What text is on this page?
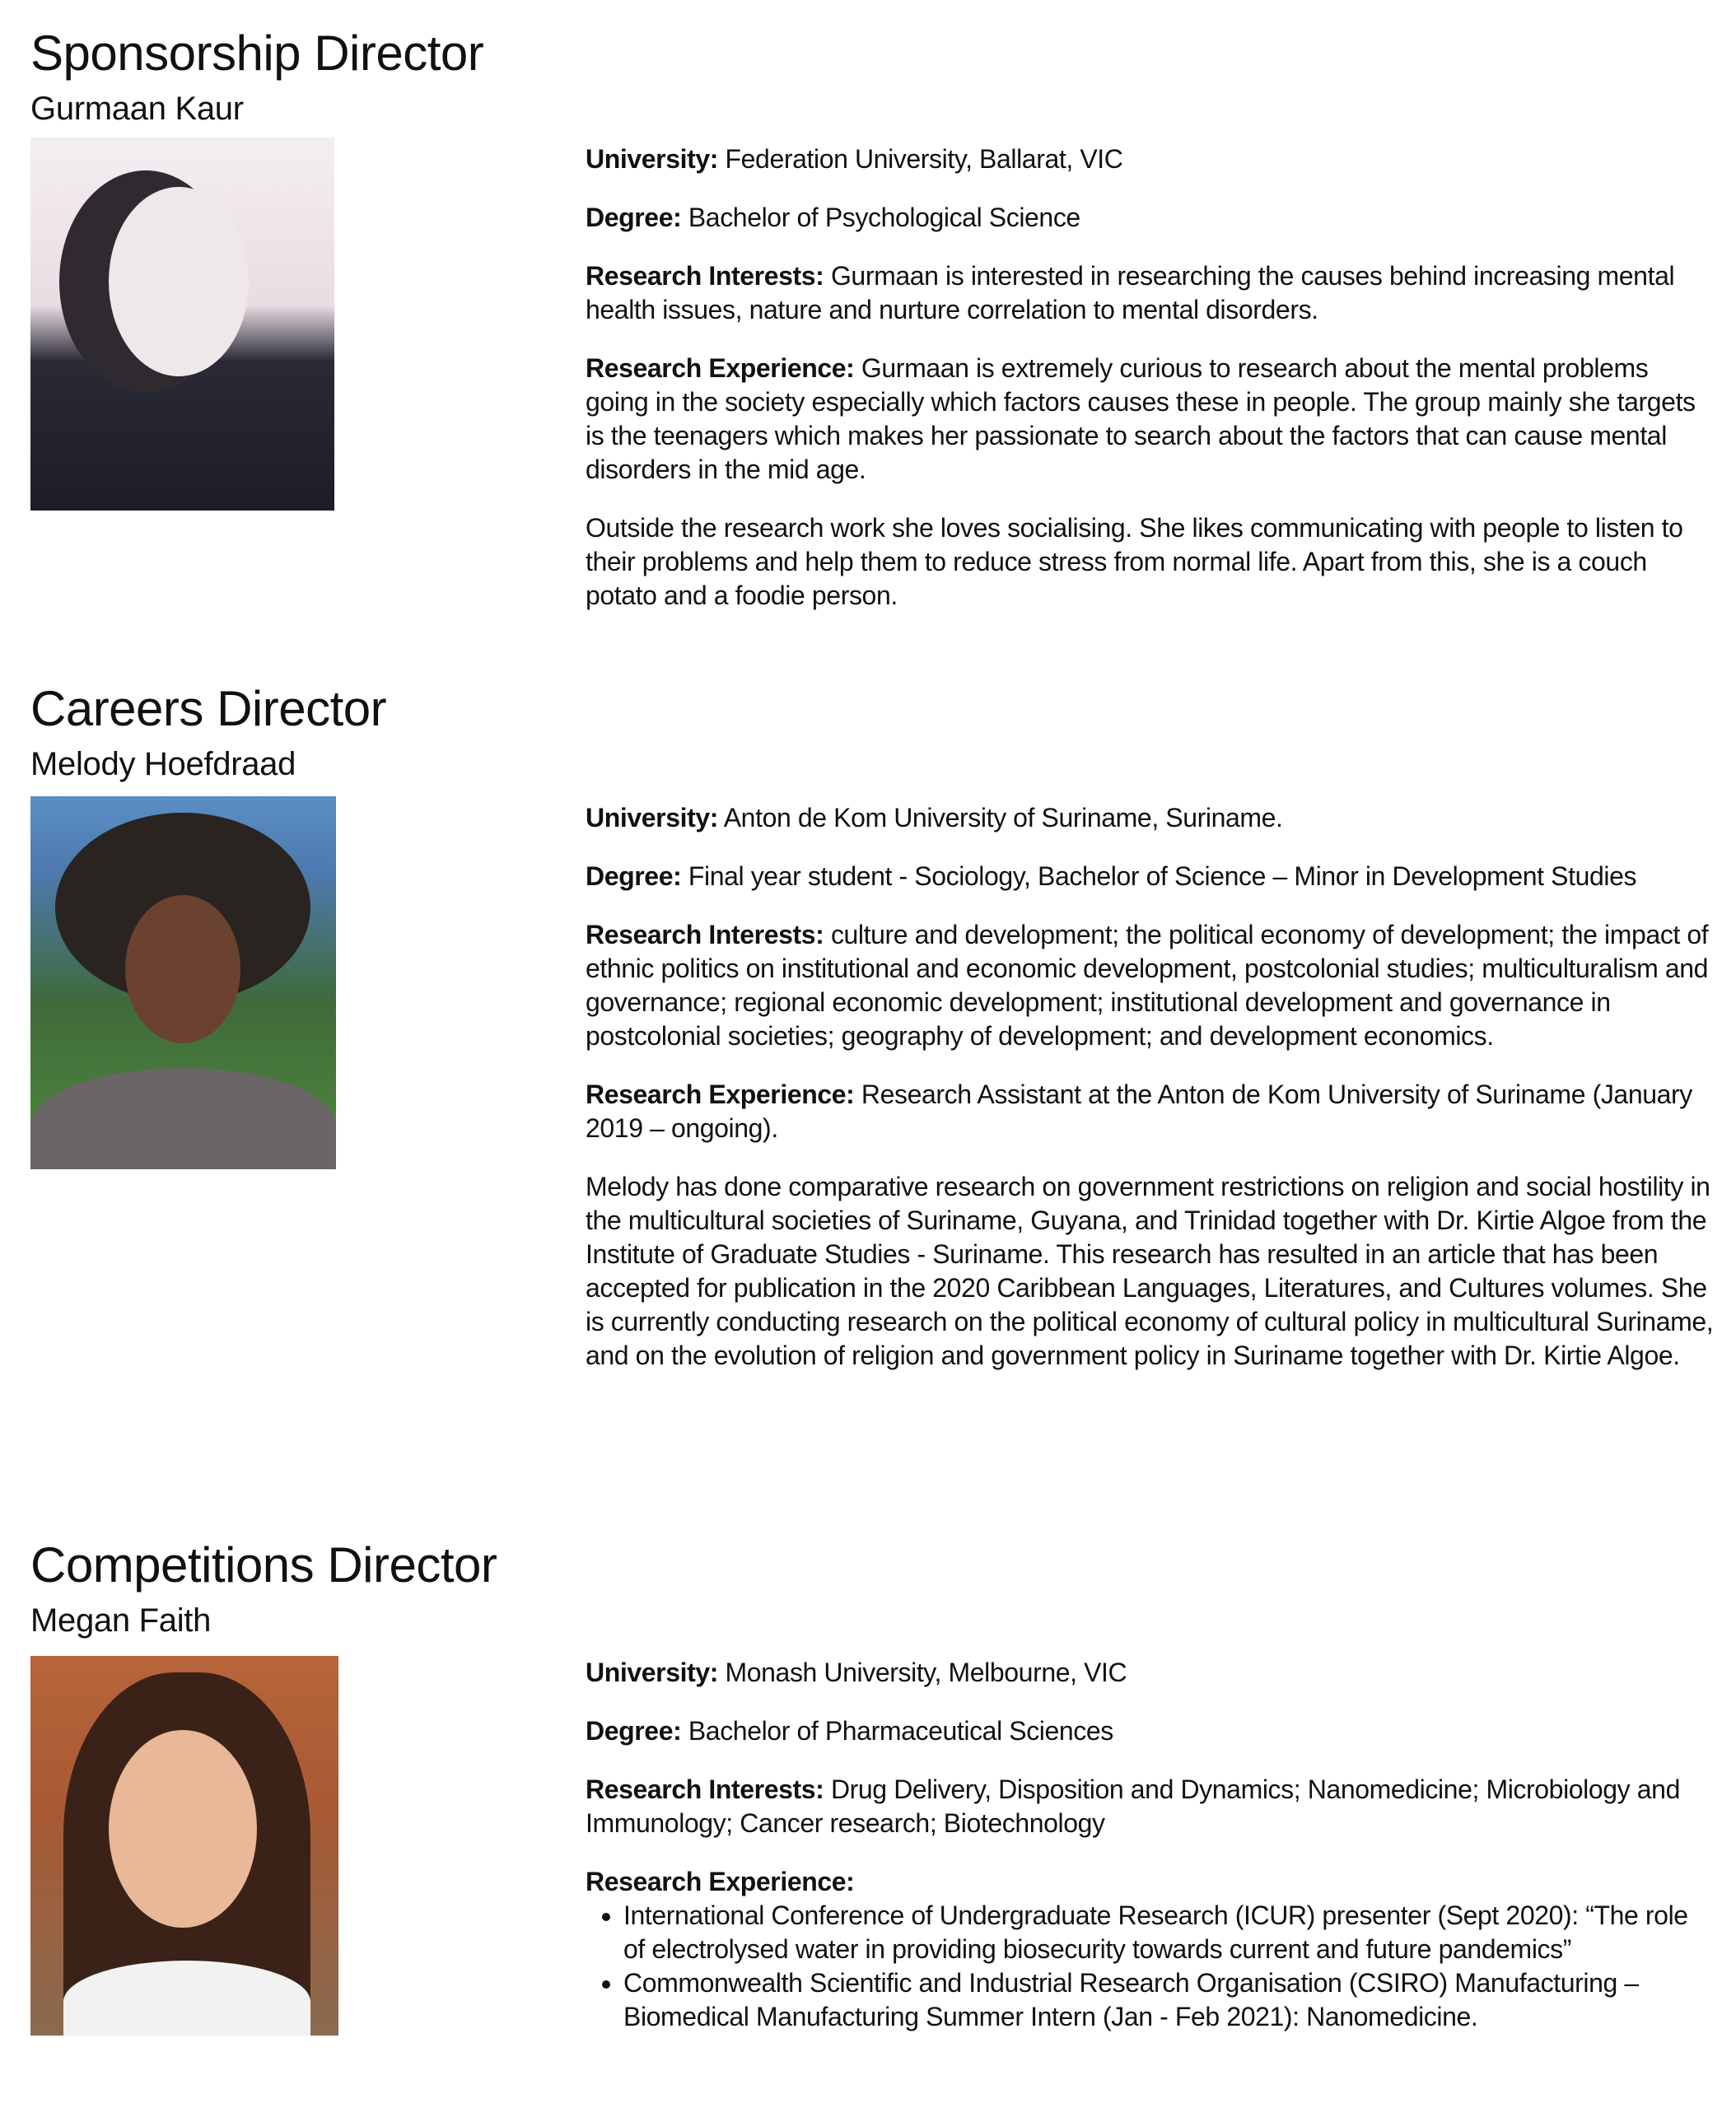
Sponsorship Director
Gurmaan Kaur

University: Federation University, Ballarat, VIC

Degree: Bachelor of Psychological Science

Research Interests: Gurmaan is interested in researching the causes behind increasing mental health issues, nature and nurture correlation to mental disorders.

Research Experience: Gurmaan is extremely curious to research about the mental problems going in the society especially which factors causes these in people. The group mainly she targets is the teenagers which makes her passionate to search about the factors that can cause mental disorders in the mid age.

Outside the research work she loves socialising. She likes communicating with people to listen to their problems and help them to reduce stress from normal life. Apart from this, she is a couch potato and a foodie person.

Careers Director
Melody Hoefdraad

University: Anton de Kom University of Suriname, Suriname.

Degree: Final year student - Sociology, Bachelor of Science – Minor in Development Studies

Research Interests: culture and development; the political economy of development; the impact of ethnic politics on institutional and economic development, postcolonial studies; multiculturalism and governance; regional economic development; institutional development and governance in postcolonial societies; geography of development; and development economics.

Research Experience: Research Assistant at the Anton de Kom University of Suriname (January 2019 – ongoing).

Melody has done comparative research on government restrictions on religion and social hostility in the multicultural societies of Suriname, Guyana, and Trinidad together with Dr. Kirtie Algoe from the Institute of Graduate Studies - Suriname. This research has resulted in an article that has been accepted for publication in the 2020 Caribbean Languages, Literatures, and Cultures volumes. She is currently conducting research on the political economy of cultural policy in multicultural Suriname, and on the evolution of religion and government policy in Suriname together with Dr. Kirtie Algoe.

Competitions Director
Megan Faith

University: Monash University, Melbourne, VIC

Degree: Bachelor of Pharmaceutical Sciences

Research Interests: Drug Delivery, Disposition and Dynamics; Nanomedicine; Microbiology and Immunology; Cancer research; Biotechnology

Research Experience:

• International Conference of Undergraduate Research (ICUR) presenter (Sept 2020): “The role of electrolysed water in providing biosecurity towards current and future pandemics”
• Commonwealth Scientific and Industrial Research Organisation (CSIRO) Manufacturing – Biomedical Manufacturing Summer Intern (Jan - Feb 2021): Nanomedicine.
